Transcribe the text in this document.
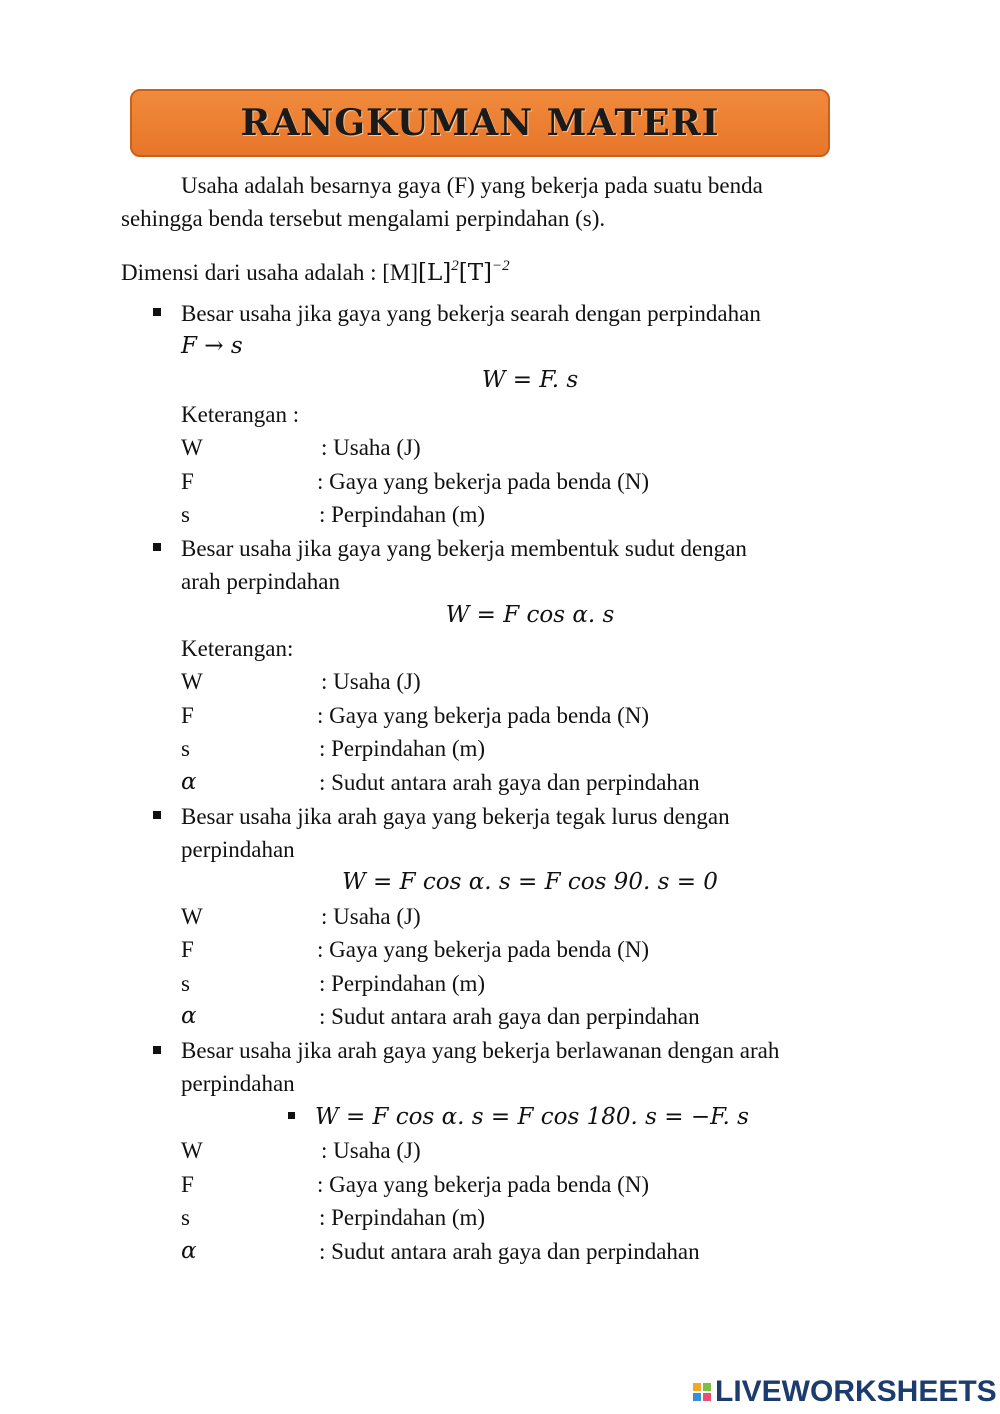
RANGKUMAN MATERI
Usaha adalah besarnya gaya (F) yang bekerja pada suatu benda
sehingga benda tersebut mengalami perpindahan (s).
Dimensi dari usaha adalah : $[M][L]^2[T]^{-2}$
Besar usaha jika gaya yang bekerja searah dengan perpindahan
F → s
W = F. s
Keterangan :
W	: Usaha (J)
F	: Gaya yang bekerja pada benda (N)
s	: Perpindahan (m)
Besar usaha jika gaya yang bekerja membentuk sudut dengan
arah perpindahan
W = F cos α. s
Keterangan:
W	: Usaha (J)
F	: Gaya yang bekerja pada benda (N)
s	: Perpindahan (m)
α	: Sudut antara arah gaya dan perpindahan
Besar usaha jika arah gaya yang bekerja tegak lurus dengan
perpindahan
W = F cos α. s = F cos 90. s = 0
W	: Usaha (J)
F	: Gaya yang bekerja pada benda (N)
s	: Perpindahan (m)
α	: Sudut antara arah gaya dan perpindahan
Besar usaha jika arah gaya yang bekerja berlawanan dengan arah
perpindahan
W = F cos α. s = F cos 180. s = −F. s
W	: Usaha (J)
F	: Gaya yang bekerja pada benda (N)
s	: Perpindahan (m)
α	: Sudut antara arah gaya dan perpindahan
LIVEWORKSHEETS
